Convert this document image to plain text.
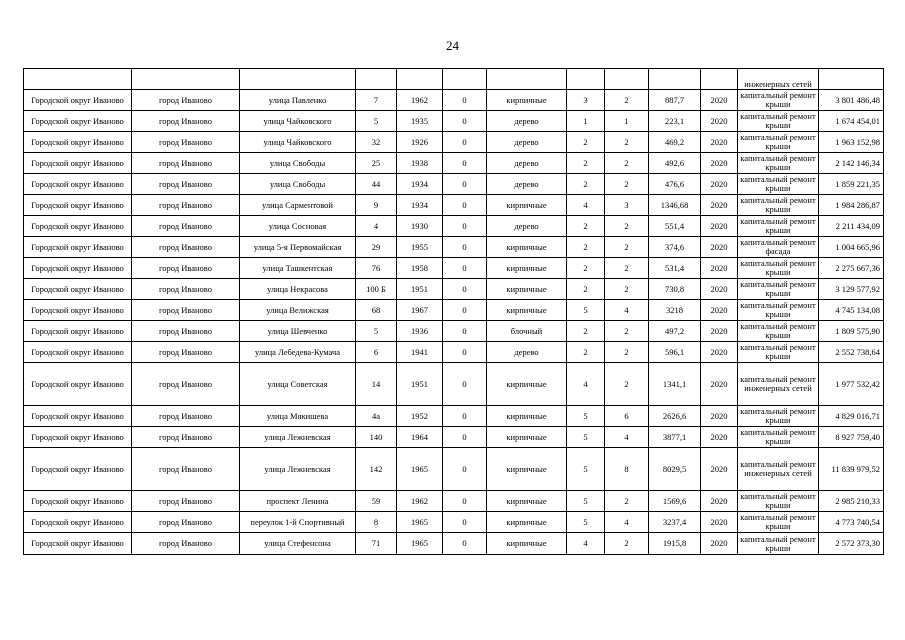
24
											инженерных сетей	
Городской округ Иваново	город Иваново	улица Павленко	7	1962	0	кирпичные	3	2	887,7	2020	капитальный ремонт крыши	3 801 486,48
Городской округ Иваново	город Иваново	улица Чайковского	5	1935	0	дерево	1	1	223,1	2020	капитальный ремонт крыши	1 674 454,01
Городской округ Иваново	город Иваново	улица Чайковского	32	1926	0	дерево	2	2	469,2	2020	капитальный ремонт крыши	1 963 152,98
Городской округ Иваново	город Иваново	улица Свободы	25	1938	0	дерево	2	2	492,6	2020	капитальный ремонт крыши	2 142 146,34
Городской округ Иваново	город Иваново	улица Свободы	44	1934	0	дерево	2	2	476,6	2020	капитальный ремонт крыши	1 859 221,35
Городской округ Иваново	город Иваново	улица Сарментовой	9	1934	0	кирпичные	4	3	1346,68	2020	капитальный ремонт крыши	1 984 286,87
Городской округ Иваново	город Иваново	улица Сосновая	4	1930	0	дерево	2	2	551,4	2020	капитальный ремонт крыши	2 211 434,09
Городской округ Иваново	город Иваново	улица 5-я Первомайская	29	1955	0	кирпичные	2	2	374,6	2020	капитальный ремонт фасада	1 004 665,96
Городской округ Иваново	город Иваново	улица Ташкентская	76	1958	0	кирпичные	2	2	531,4	2020	капитальный ремонт крыши	2 275 667,36
Городской округ Иваново	город Иваново	улица Некрасова	100 Б	1951	0	кирпичные	2	2	730,8	2020	капитальный ремонт крыши	3 129 577,92
Городской округ Иваново	город Иваново	улица Велижская	68	1967	0	кирпичные	5	4	3218	2020	капитальный ремонт крыши	4 745 134,08
Городской округ Иваново	город Иваново	улица Шевченко	5	1936	0	блочный	2	2	497,2	2020	капитальный ремонт крыши	1 809 575,90
Городской округ Иваново	город Иваново	улица Лебедева-Кумача	6	1941	0	дерево	2	2	596,1	2020	капитальный ремонт крыши	2 552 738,64
Городской округ Иваново	город Иваново	улица Советская	14	1951	0	кирпичные	4	2	1341,1	2020	капитальный ремонт инженерных сетей	1 977 532,42
Городской округ Иваново	город Иваново	улица Мякишева	4а	1952	0	кирпичные	5	6	2626,6	2020	капитальный ремонт крыши	4 829 016,71
Городской округ Иваново	город Иваново	улица Лежневская	140	1964	0	кирпичные	5	4	3877,1	2020	капитальный ремонт крыши	8 927 759,40
Городской округ Иваново	город Иваново	улица Лежневская	142	1965	0	кирпичные	5	8	8029,5	2020	капитальный ремонт инженерных сетей	11 839 979,52
Городской округ Иваново	город Иваново	проспект Ленина	59	1962	0	кирпичные	5	2	1569,6	2020	капитальный ремонт крыши	2 985 210,33
Городской округ Иваново	город Иваново	переулок 1-й Спортивный	8	1965	0	кирпичные	5	4	3237,4	2020	капитальный ремонт крыши	4 773 740,54
Городской округ Иваново	город Иваново	улица Стефенсона	71	1965	0	кирпичные	4	2	1915,8	2020	капитальный ремонт крыши	2 572 373,30
